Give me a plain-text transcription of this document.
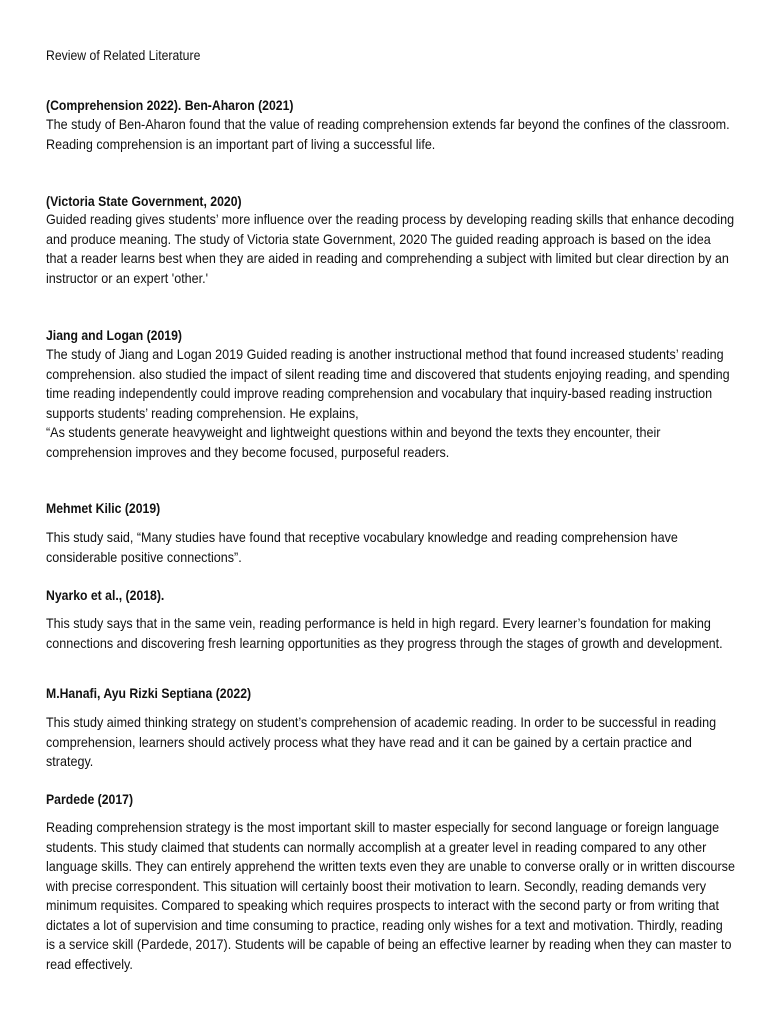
Review of Related Literature
(Comprehension 2022). Ben-Aharon (2021)
The study of Ben-Aharon found that the value of reading comprehension extends far beyond the confines of the classroom.
Reading comprehension is an important part of living a successful life.
(Victoria State Government, 2020)
Guided reading gives students’ more influence over the reading process by developing reading skills that enhance decoding
and produce meaning. The study of Victoria state Government, 2020 The guided reading approach is based on the idea
that a reader learns best when they are aided in reading and comprehending a subject with limited but clear direction by an
instructor or an expert 'other.'
Jiang and Logan (2019)
The study of Jiang and Logan 2019 Guided reading is another instructional method that found increased students’ reading
comprehension. also studied the impact of silent reading time and discovered that students enjoying reading, and spending
time reading independently could improve reading comprehension and vocabulary that inquiry-based reading instruction
supports students’ reading comprehension. He explains,
“As students generate heavyweight and lightweight questions within and beyond the texts they encounter, their
comprehension improves and they become focused, purposeful readers.
Mehmet Kilic (2019)
This study said, “Many studies have found that receptive vocabulary knowledge and reading comprehension have
considerable positive connections”.
Nyarko et al., (2018).
This study says that in the same vein, reading performance is held in high regard. Every learner’s foundation for making
connections and discovering fresh learning opportunities as they progress through the stages of growth and development.
M.Hanafi, Ayu Rizki Septiana (2022)
This study aimed thinking strategy on student’s comprehension of academic reading. In order to be successful in reading
comprehension, learners should actively process what they have read and it can be gained by a certain practice and
strategy.
Pardede (2017)
Reading comprehension strategy is the most important skill to master especially for second language or foreign language
students. This study claimed that students can normally accomplish at a greater level in reading compared to any other
language skills. They can entirely apprehend the written texts even they are unable to converse orally or in written discourse
with precise correspondent. This situation will certainly boost their motivation to learn. Secondly, reading demands very
minimum requisites. Compared to speaking which requires prospects to interact with the second party or from writing that
dictates a lot of supervision and time consuming to practice, reading only wishes for a text and motivation. Thirdly, reading
is a service skill (Pardede, 2017). Students will be capable of being an effective learner by reading when they can master to
read effectively.
